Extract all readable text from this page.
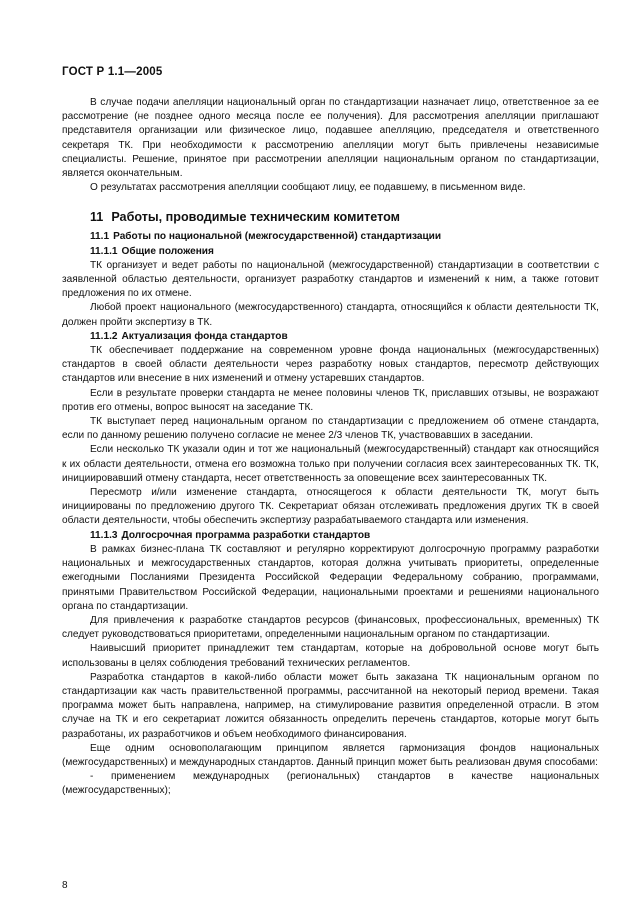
ГОСТ Р 1.1—2005

В случае подачи апелляции национальный орган по стандартизации назначает лицо, ответственное за ее рассмотрение (не позднее одного месяца после ее получения). Для рассмотрения апелляции приглашают представителя организации или физическое лицо, подавшее апелляцию, председателя и ответственного секретаря ТК. При необходимости к рассмотрению апелляции могут быть привлечены независимые специалисты. Решение, принятое при рассмотрении апелляции национальным органом по стандартизации, является окончательным.

О результатах рассмотрения апелляции сообщают лицу, ее подавшему, в письменном виде.

11 Работы, проводимые техническим комитетом
11.1 Работы по национальной (межгосударственной) стандартизации
11.1.1 Общие положения

ТК организует и ведет работы по национальной (межгосударственной) стандартизации в соответствии с заявленной областью деятельности, организует разработку стандартов и изменений к ним, а также готовит предложения по их отмене.

Любой проект национального (межгосударственного) стандарта, относящийся к области деятельности ТК, должен пройти экспертизу в ТК.

11.1.2 Актуализация фонда стандартов

ТК обеспечивает поддержание на современном уровне фонда национальных (межгосударственных) стандартов в своей области деятельности через разработку новых стандартов, пересмотр действующих стандартов или внесение в них изменений и отмену устаревших стандартов.

Если в результате проверки стандарта не менее половины членов ТК, приславших отзывы, не возражают против его отмены, вопрос выносят на заседание ТК.

ТК выступает перед национальным органом по стандартизации с предложением об отмене стандарта, если по данному решению получено согласие не менее 2/3 членов ТК, участвовавших в заседании.

Если несколько ТК указали один и тот же национальный (межгосударственный) стандарт как относящийся к их области деятельности, отмена его возможна только при получении согласия всех заинтересованных ТК. ТК, инициировавший отмену стандарта, несет ответственность за оповещение всех заинтересованных ТК.

Пересмотр и/или изменение стандарта, относящегося к области деятельности ТК, могут быть инициированы по предложению другого ТК. Секретариат обязан отслеживать предложения других ТК в своей области деятельности, чтобы обеспечить экспертизу разрабатываемого стандарта или изменения.

11.1.3 Долгосрочная программа разработки стандартов

В рамках бизнес-плана ТК составляют и регулярно корректируют долгосрочную программу разработки национальных и межгосударственных стандартов, которая должна учитывать приоритеты, определенные ежегодными Посланиями Президента Российской Федерации Федеральному собранию, программами, принятыми Правительством Российской Федерации, национальными проектами и решениями национального органа по стандартизации.

Для привлечения к разработке стандартов ресурсов (финансовых, профессиональных, временных) ТК следует руководствоваться приоритетами, определенными национальным органом по стандартизации.

Наивысший приоритет принадлежит тем стандартам, которые на добровольной основе могут быть использованы в целях соблюдения требований технических регламентов.

Разработка стандартов в какой-либо области может быть заказана ТК национальным органом по стандартизации как часть правительственной программы, рассчитанной на некоторый период времени. Такая программа может быть направлена, например, на стимулирование развития определенной отрасли. В этом случае на ТК и его секретариат ложится обязанность определить перечень стандартов, которые могут быть разработаны, их разработчиков и объем необходимого финансирования.

Еще одним основополагающим принципом является гармонизация фондов национальных (межгосударственных) и международных стандартов. Данный принцип может быть реализован двумя способами:

- применением международных (региональных) стандартов в качестве национальных (межгосударственных);

8
